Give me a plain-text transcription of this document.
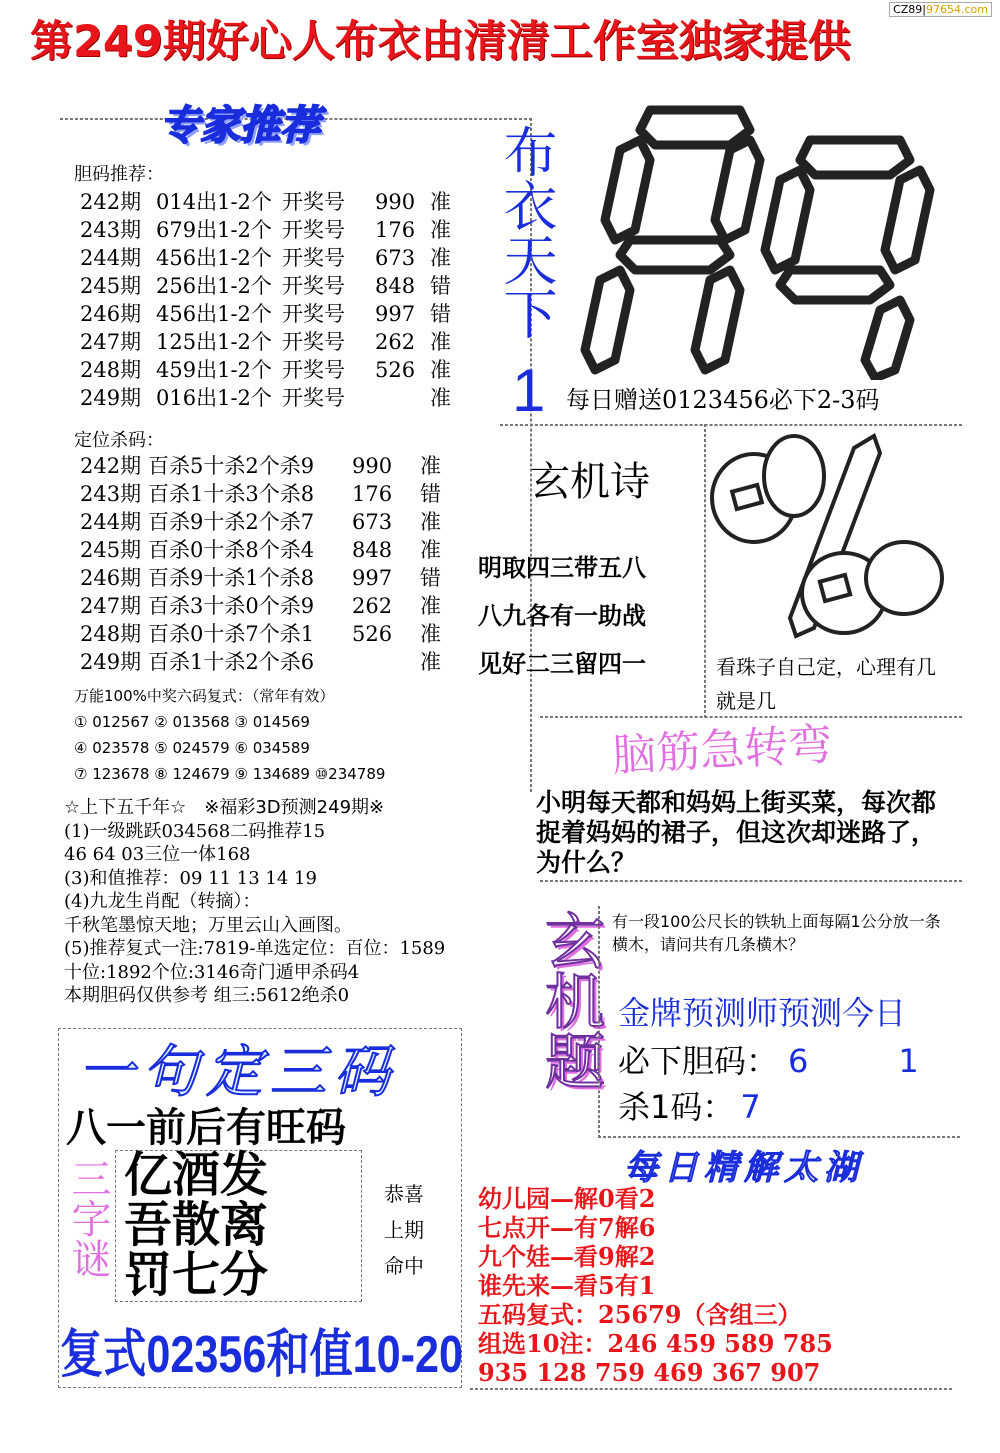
第249期好心人布衣由清清工作室独家提供
CZ89|97654.com
专家推荐
胆码推荐：
242期 014出1-2个 开奖号 990 准
243期 679出1-2个 开奖号 176 准
244期 456出1-2个 开奖号 673 准
245期 256出1-2个 开奖号 848 错
246期 456出1-2个 开奖号 997 错
247期 125出1-2个 开奖号 262 准
248期 459出1-2个 开奖号 526 准
249期 016出1-2个 开奖号	准
定位杀码：
242期 百杀5十杀2个杀9 990 准
243期 百杀1十杀3个杀8 176 错
244期 百杀9十杀2个杀7 673 准
245期 百杀0十杀8个杀4 848 准
246期 百杀9十杀1个杀8 997 错
247期 百杀3十杀0个杀9 262 准
248期 百杀0十杀7个杀1 526 准
249期 百杀1十杀2个杀6	准
万能100%中奖六码复式：（常年有效）
① 012567 ② 013568 ③ 014569
④ 023578 ⑤ 024579 ⑥ 034589
⑦ 123678 ⑧ 124679 ⑨ 134689 ⑩234789
☆上下五千年☆　※福彩3D预测249期※
(1)一级跳跃034568二码推荐15
46 64 03三位一体168
(3)和值推荐：09 11 13 14 19
(4)九龙生肖配（转摘）：
千秋笔墨惊天地；万里云山入画图。
(5)推荐复式一注:7819-单选定位：百位：1589
十位:1892个位:3146奇门遁甲杀码4
本期胆码仅供参考 组三:5612绝杀0
一句定三码
八一前后有旺码
三字谜 亿酒发
吾散离
罚七分
恭喜
上期
命中
复式02356和值10-20
布衣天下
1 每日赠送0123456必下2-3码
玄机诗
明取四三带五八
八九各有一助战
见好二三留四一	看珠子自己定，心理有几就是几
脑筋急转弯
小明每天都和妈妈上街买菜，每次都捉着妈妈的裙子，但这次却迷路了，为什么？
玄机题 有一段100公尺长的铁轨上面每隔1公分放一条横木，请问共有几条横木？
金牌预测师预测今日
必下胆码： 6	1
杀1码： 7
每日精解太湖
幼儿园—解0看2
七点开—有7解6
九个娃—看9解2
谁先来—看5有1
五码复式：25679（含组三）
组选10注：246 459 589 785
935 128 759 469 367 907
